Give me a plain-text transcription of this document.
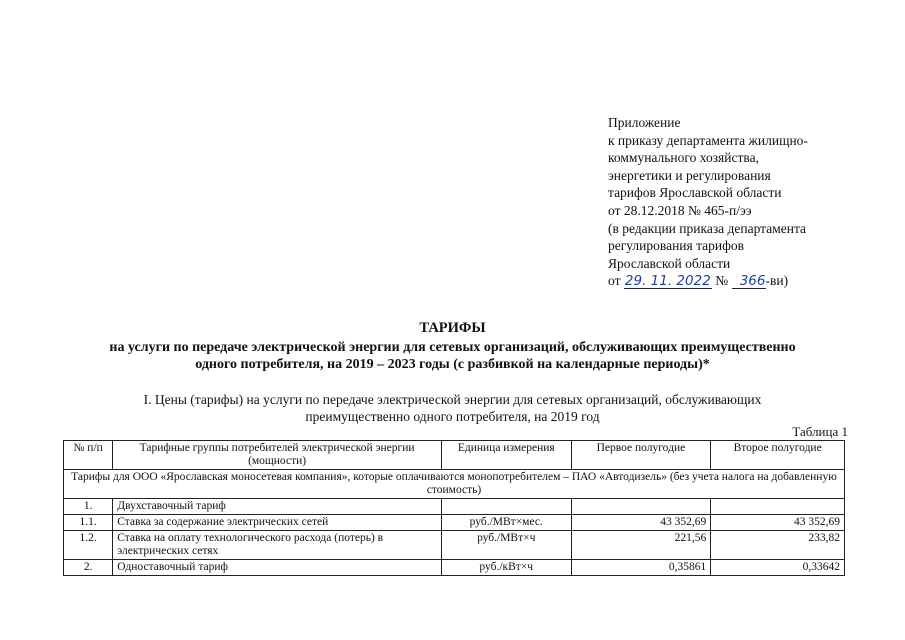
Приложение
к приказу департамента жилищно-
коммунального хозяйства,
энергетики и регулирования
тарифов Ярославской области
от 28.12.2018 № 465-п/ээ
(в редакции приказа департамента
регулирования тарифов
Ярославской области
от 29. 11. 2022 № 366-ви)
ТАРИФЫ
на услуги по передаче электрической энергии для сетевых организаций, обслуживающих преимущественно
одного потребителя, на 2019 – 2023 годы (с разбивкой на календарные периоды)*
I. Цены (тарифы) на услуги по передаче электрической энергии для сетевых организаций, обслуживающих
преимущественно одного потребителя, на 2019 год
Таблица 1
№ п/п	Тарифные группы потребителей электрической энергии (мощности)	Единица измерения	Первое полугодие	Второе полугодие
Тарифы для ООО «Ярославская моносетевая компания», которые оплачиваются монопотребителем – ПАО «Автодизель» (без учета налога на добавленную стоимость)				
1.	Двухставочный тариф			
1.1.	Ставка за содержание электрических сетей	руб./МВт×мес.	43 352,69	43 352,69
1.2.	Ставка на оплату технологического расхода (потерь) в электрических сетях	руб./МВт×ч	221,56	233,82
2.	Одноставочный тариф	руб./кВт×ч	0,35861	0,33642
